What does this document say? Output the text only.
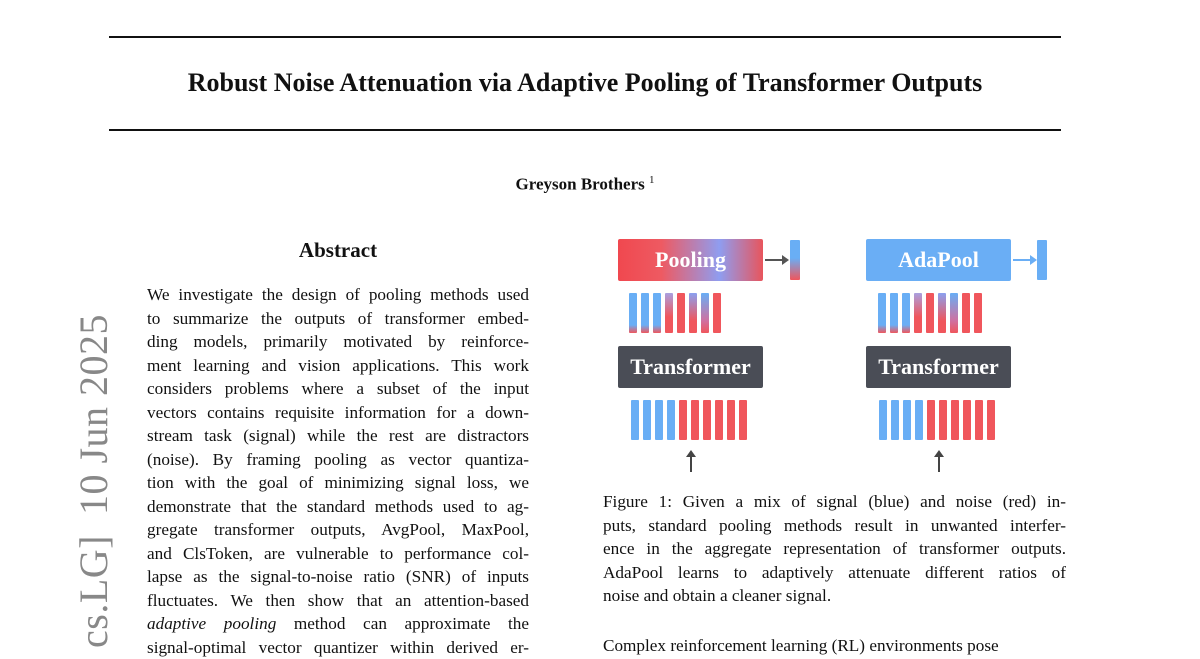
Robust Noise Attenuation via Adaptive Pooling of Transformer Outputs
Greyson Brothers $^1$
cs.LG]10 Jun 2025
Abstract
We investigate the design of pooling methods used
to summarize the outputs of transformer embed-
ding models, primarily motivated by reinforce-
ment learning and vision applications. This work
considers problems where a subset of the input
vectors contains requisite information for a down-
stream task (signal) while the rest are distractors
(noise). By framing pooling as vector quantiza-
tion with the goal of minimizing signal loss, we
demonstrate that the standard methods used to ag-
gregate transformer outputs, AvgPool, MaxPool,
and ClsToken, are vulnerable to performance col-
lapse as the signal-to-noise ratio (SNR) of inputs
fluctuates. We then show that an attention-based
adaptive pooling method can approximate the
signal-optimal vector quantizer within derived er-
Pooling
Transformer
AdaPool
Transformer
Figure 1: Given a mix of signal (blue) and noise (red) in-
puts, standard pooling methods result in unwanted interfer-
ence in the aggregate representation of transformer outputs.
AdaPool learns to adaptively attenuate different ratios of
noise and obtain a cleaner signal.
Complex reinforcement learning (RL) environments pose
